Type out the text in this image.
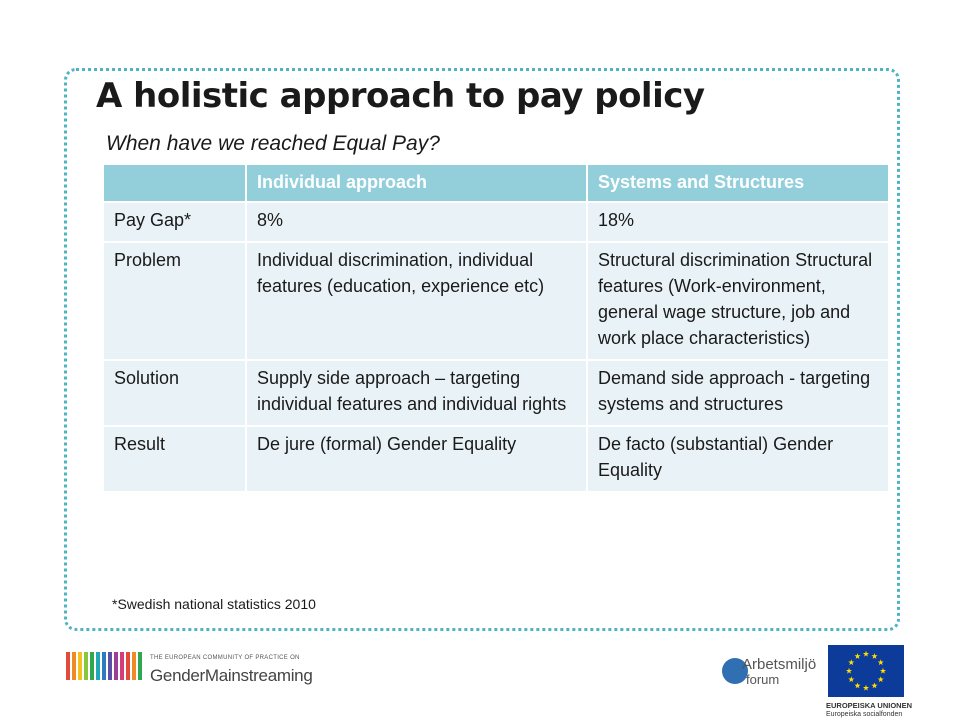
A holistic approach to pay policy
When have we reached Equal Pay?
	Individual approach	Systems and Structures
Pay Gap*	8%	18%
Problem	Individual discrimination, individual features (education, experience etc)	Structural discrimination Structural features (Work-environment, general wage structure, job and work place characteristics)
Solution	Supply side approach – targeting individual features and individual rights	Demand side approach - targeting systems and structures
Result	De jure (formal) Gender Equality	De facto (substantial) Gender Equality
*Swedish national statistics 2010
THE EUROPEAN COMMUNITY OF PRACTICE ON
GenderMainstreaming
Arbetsmiljö
forum
EUROPEISKA UNIONEN
Europeiska socialfonden
